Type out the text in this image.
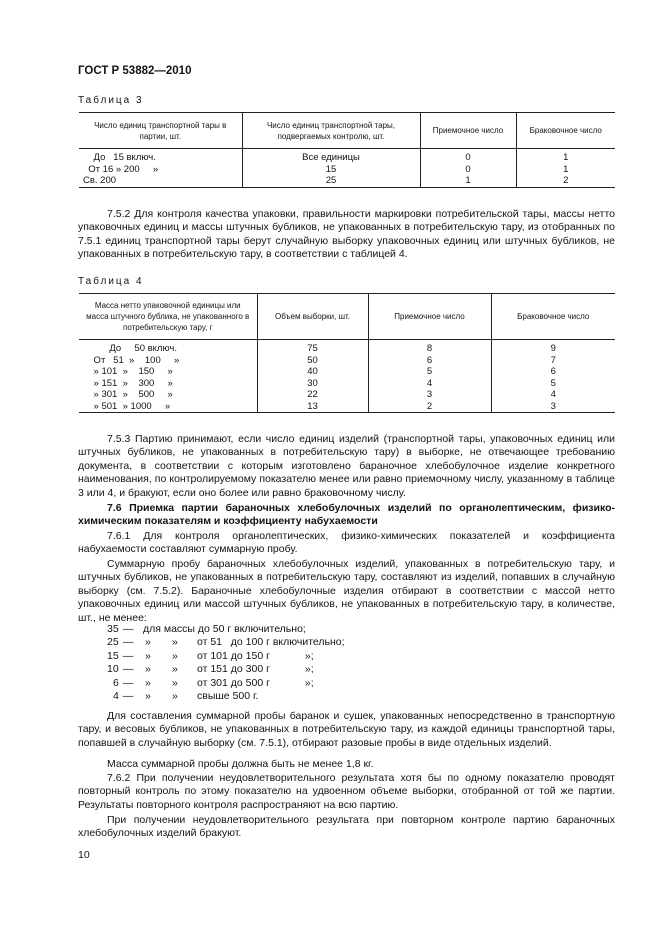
ГОСТ Р 53882—2010
Таблица 3
Число единиц транспортной тары в партии, шт.	Число единиц транспортной тары, подвергаемых контролю, шт.	Приемочное число	Браковочное число
До   15 включ.	Все единицы	0	1
От 16 » 200     »	15	0	1
Св. 200	25	1	2
7.5.2 Для контроля качества упаковки, правильности маркировки потребительской тары, массы нетто упаковочных единиц и массы штучных бубликов, не упакованных в потребительскую тару, из отобранных по 7.5.1 единиц транспортной тары берут случайную выборку упаковочных единиц или штучных бубликов, не упакованных в потребительскую тару, в соответствии с таблицей 4.
Таблица 4
Масса нетто упаковочной единицы или масса штучного бублика, не упакованного в потребительскую тару, г	Объем выборки, шт.	Приемочное число	Браковочное число
До     50 включ.	75	8	9
От   51  »    100     »	50	6	7
» 101  »    150     »	40	5	6
» 151  »    300     »	30	4	5
» 301  »    500     »	22	3	4
» 501  » 1000     »	13	2	3
7.5.3 Партию принимают, если число единиц изделий (транспортной тары, упаковочных единиц или штучных бубликов, не упакованных в потребительскую тару) в выборке, не отвечающее требованию документа, в соответствии с которым изготовлено бараночное хлебобулочное изделие конкретного наименования, по контролируемому показателю менее или равно приемочному числу, указанному в таблице 3 или 4, и бракуют, если оно более или равно браковочному числу.
7.6 Приемка партии бараночных хлебобулочных изделий по органолептическим, физико-химическим показателям и коэффициенту набухаемости
7.6.1 Для контроля органолептических, физико-химических показателей и коэффициента набухаемости составляют суммарную пробу.
Суммарную пробу бараночных хлебобулочных изделий, упакованных в потребительскую тару, и штучных бубликов, не упакованных в потребительскую тару, составляют из изделий, попавших в случайную выборку (см. 7.5.2). Бараночные хлебобулочные изделия отбирают в соответствии с массой нетто упаковочных единиц или массой штучных бубликов, не упакованных в потребительскую тару, в количестве, шт., не менее:
35 — для массы до 50 г включительно;
25 — » » от 51   до 100 г включительно;
15 — » » от 101 до 150 г            »;
10 — » » от 151 до 300 г            »;
6 — » » от 301 до 500 г            »;
4 — » » свыше 500 г.
Для составления суммарной пробы баранок и сушек, упакованных непосредственно в транспортную тару, и весовых бубликов, не упакованных в потребительскую тару, из каждой единицы транспортной тары, попавшей в случайную выборку (см. 7.5.1), отбирают разовые пробы в виде отдельных изделий.
Масса суммарной пробы должна быть не менее 1,8 кг.
7.6.2 При получении неудовлетворительного результата хотя бы по одному показателю проводят повторный контроль по этому показателю на удвоенном объеме выборки, отобранной от той же партии. Результаты повторного контроля распространяют на всю партию.
При получении неудовлетворительного результата при повторном контроле партию бараночных хлебобулочных изделий бракуют.
10
